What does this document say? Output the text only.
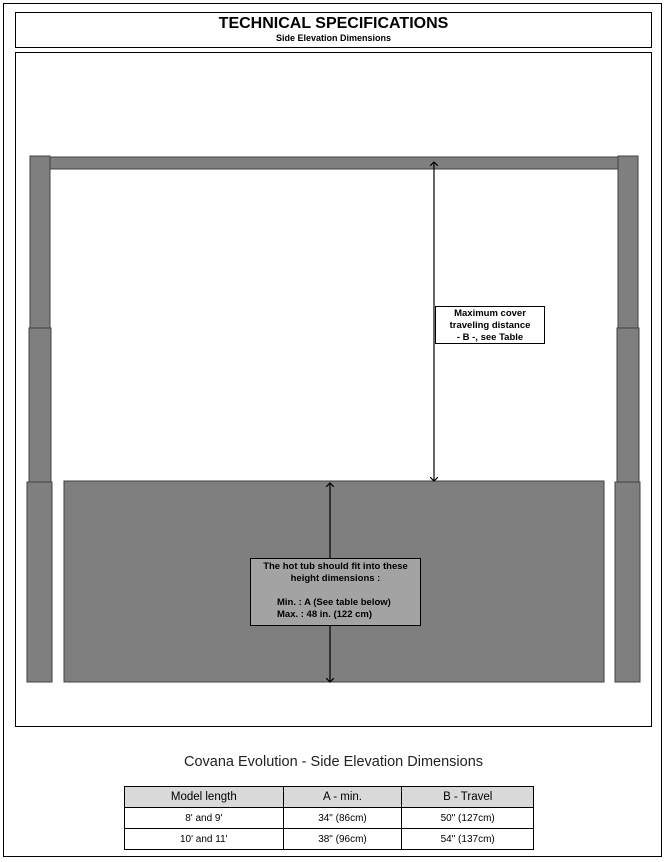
TECHNICAL SPECIFICATIONS
Side Elevation Dimensions
Maximum cover
traveling distance
- B -, see Table
The hot tub should fit into these
height dimensions :

Min. : A (See table below)
Max. : 48 in. (122 cm)
Covana Evolution - Side Elevation Dimensions
Model length	A - min.	B - Travel
8' and 9'	34" (86cm)	50" (127cm)
10' and 11'	38" (96cm)	54" (137cm)
